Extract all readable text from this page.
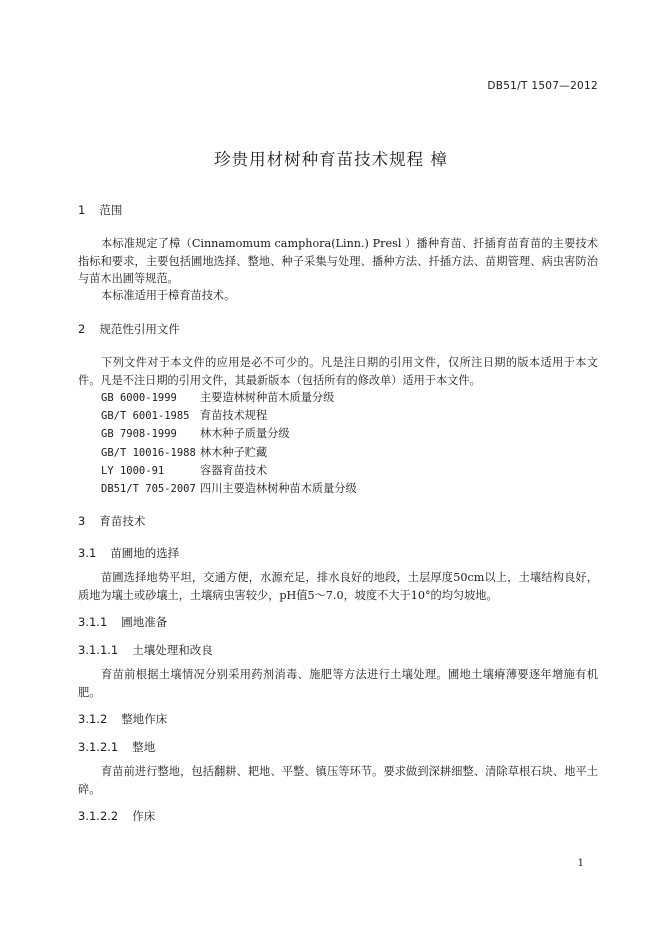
DB51/T 1507—2012
珍贵用材树种育苗技术规程 樟
1 范围
本标准规定了樟（Cinnamomum camphora(Linn.) Presl ）播种育苗、扦插育苗育苗的主要技术指标和要求，主要包括圃地选择、整地、种子采集与处理、播种方法、扦插方法、苗期管理、病虫害防治与苗木出圃等规范。
本标准适用于樟育苗技术。
2 规范性引用文件
下列文件对于本文件的应用是必不可少的。凡是注日期的引用文件，仅所注日期的版本适用于本文件。凡是不注日期的引用文件，其最新版本（包括所有的修改单）适用于本文件。
GB 6000-1999	主要造林树种苗木质量分级
GB/T 6001-1985 育苗技术规程
GB 7908-1999	林木种子质量分级
GB/T 10016-1988 林木种子贮藏
LY 1000-91	容器育苗技术
DB51/T 705-2007 四川主要造林树种苗木质量分级
3 育苗技术
3.1 苗圃地的选择
苗圃选择地势平坦，交通方便，水源充足，排水良好的地段，土层厚度50cm以上，土壤结构良好，质地为壤土或砂壤土，土壤病虫害较少，pH值5～7.0，坡度不大于10°的均匀坡地。
3.1.1 圃地准备
3.1.1.1 土壤处理和改良
育苗前根据土壤情况分别采用药剂消毒、施肥等方法进行土壤处理。圃地土壤瘠薄要逐年增施有机肥。
3.1.2 整地作床
3.1.2.1 整地
育苗前进行整地，包括翻耕、耙地、平整、镇压等环节。要求做到深耕细整、清除草根石块、地平土碎。
3.1.2.2 作床
1
